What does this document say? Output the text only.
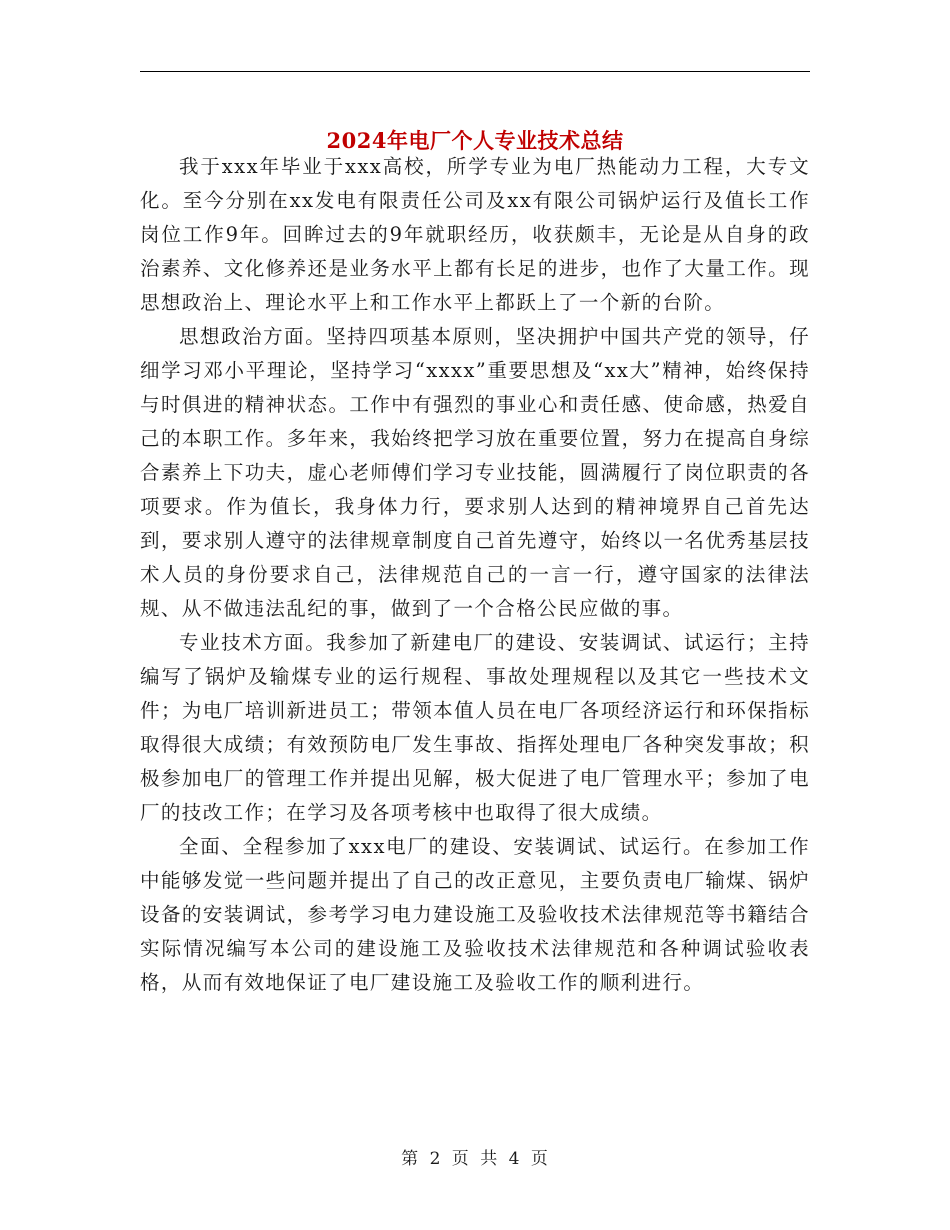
2024年电厂个人专业技术总结

我于xxx年毕业于xxx高校，所学专业为电厂热能动力工程，大专文化。至今分别在xx发电有限责任公司及xx有限公司锅炉运行及值长工作岗位工作9年。回眸过去的9年就职经历，收获颇丰，无论是从自身的政治素养、文化修养还是业务水平上都有长足的进步，也作了大量工作。现思想政治上、理论水平上和工作水平上都跃上了一个新的台阶。

思想政治方面。坚持四项基本原则，坚决拥护中国共产党的领导，仔细学习邓小平理论，坚持学习“xxxx”重要思想及“xx大”精神，始终保持与时俱进的精神状态。工作中有强烈的事业心和责任感、使命感，热爱自己的本职工作。多年来，我始终把学习放在重要位置，努力在提高自身综合素养上下功夫，虚心老师傅们学习专业技能，圆满履行了岗位职责的各项要求。作为值长，我身体力行，要求别人达到的精神境界自己首先达到，要求别人遵守的法律规章制度自己首先遵守，始终以一名优秀基层技术人员的身份要求自己，法律规范自己的一言一行，遵守国家的法律法规、从不做违法乱纪的事，做到了一个合格公民应做的事。

专业技术方面。我参加了新建电厂的建设、安装调试、试运行；主持编写了锅炉及输煤专业的运行规程、事故处理规程以及其它一些技术文件；为电厂培训新进员工；带领本值人员在电厂各项经济运行和环保指标取得很大成绩；有效预防电厂发生事故、指挥处理电厂各种突发事故；积极参加电厂的管理工作并提出见解，极大促进了电厂管理水平；参加了电厂的技改工作；在学习及各项考核中也取得了很大成绩。

全面、全程参加了xxx电厂的建设、安装调试、试运行。在参加工作中能够发觉一些问题并提出了自己的改正意见，主要负责电厂输煤、锅炉设备的安装调试，参考学习电力建设施工及验收技术法律规范等书籍结合实际情况编写本公司的建设施工及验收技术法律规范和各种调试验收表格，从而有效地保证了电厂建设施工及验收工作的顺利进行。

第 2 页 共 4 页
